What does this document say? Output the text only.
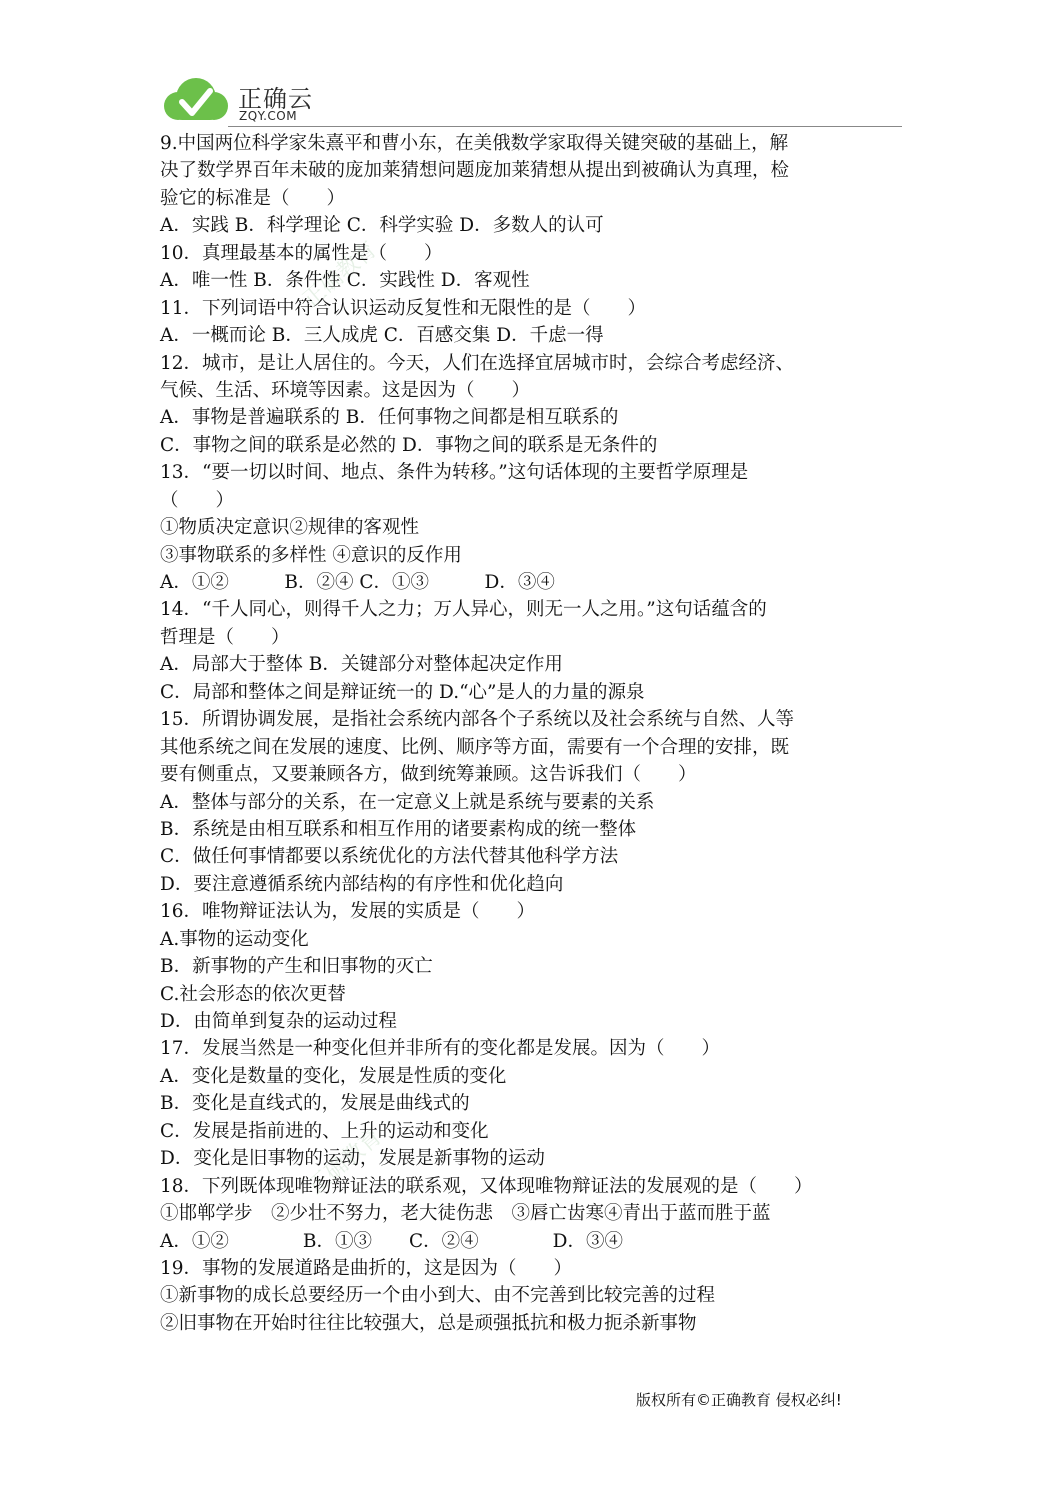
正确云
ZQY.COM
正确教育
正确教育
9.中国两位科学家朱熹平和曹小东，在美俄数学家取得关键突破的基础上，解
决了数学界百年未破的庞加莱猜想问题庞加莱猜想从提出到被确认为真理，检
验它的标准是（　　）
A．实践 B．科学理论 C．科学实验 D．多数人的认可
10．真理最基本的属性是（　　）
A．唯一性 B．条件性 C．实践性 D．客观性
11．下列词语中符合认识运动反复性和无限性的是（　　）
A．一概而论 B．三人成虎 C．百感交集 D．千虑一得
12．城市，是让人居住的。今天，人们在选择宜居城市时，会综合考虑经济、
气候、生活、环境等因素。这是因为（　　）
A．事物是普遍联系的 B．任何事物之间都是相互联系的
C．事物之间的联系是必然的 D．事物之间的联系是无条件的
13．“要一切以时间、地点、条件为转移。”这句话体现的主要哲学原理是
（　　）
①物质决定意识②规律的客观性
③事物联系的多样性 ④意识的反作用
A．①②　　　B．②④ C．①③　　　D．③④
14．“千人同心，则得千人之力；万人异心，则无一人之用。”这句话蕴含的
哲理是（　　）
A．局部大于整体 B．关键部分对整体起决定作用
C．局部和整体之间是辩证统一的 D.“心”是人的力量的源泉
15．所谓协调发展，是指社会系统内部各个子系统以及社会系统与自然、人等
其他系统之间在发展的速度、比例、顺序等方面，需要有一个合理的安排，既
要有侧重点，又要兼顾各方，做到统筹兼顾。这告诉我们（　　）
A．整体与部分的关系，在一定意义上就是系统与要素的关系
B．系统是由相互联系和相互作用的诸要素构成的统一整体
C．做任何事情都要以系统优化的方法代替其他科学方法
D．要注意遵循系统内部结构的有序性和优化趋向
16．唯物辩证法认为，发展的实质是（　　）
A.事物的运动变化
B．新事物的产生和旧事物的灭亡
C.社会形态的依次更替
D．由简单到复杂的运动过程
17．发展当然是一种变化但并非所有的变化都是发展。因为（　　）
A．变化是数量的变化，发展是性质的变化
B．变化是直线式的，发展是曲线式的
C．发展是指前进的、上升的运动和变化
D．变化是旧事物的运动，发展是新事物的运动
18．下列既体现唯物辩证法的联系观，又体现唯物辩证法的发展观的是（　　）
①邯郸学步　②少壮不努力，老大徒伤悲　③唇亡齿寒④青出于蓝而胜于蓝
A．①②　　　　B．①③　　C．②④　　　　D．③④
19．事物的发展道路是曲折的，这是因为（　　）
①新事物的成长总要经历一个由小到大、由不完善到比较完善的过程
②旧事物在开始时往往比较强大，总是顽强抵抗和极力扼杀新事物
版权所有©正确教育 侵权必纠!
